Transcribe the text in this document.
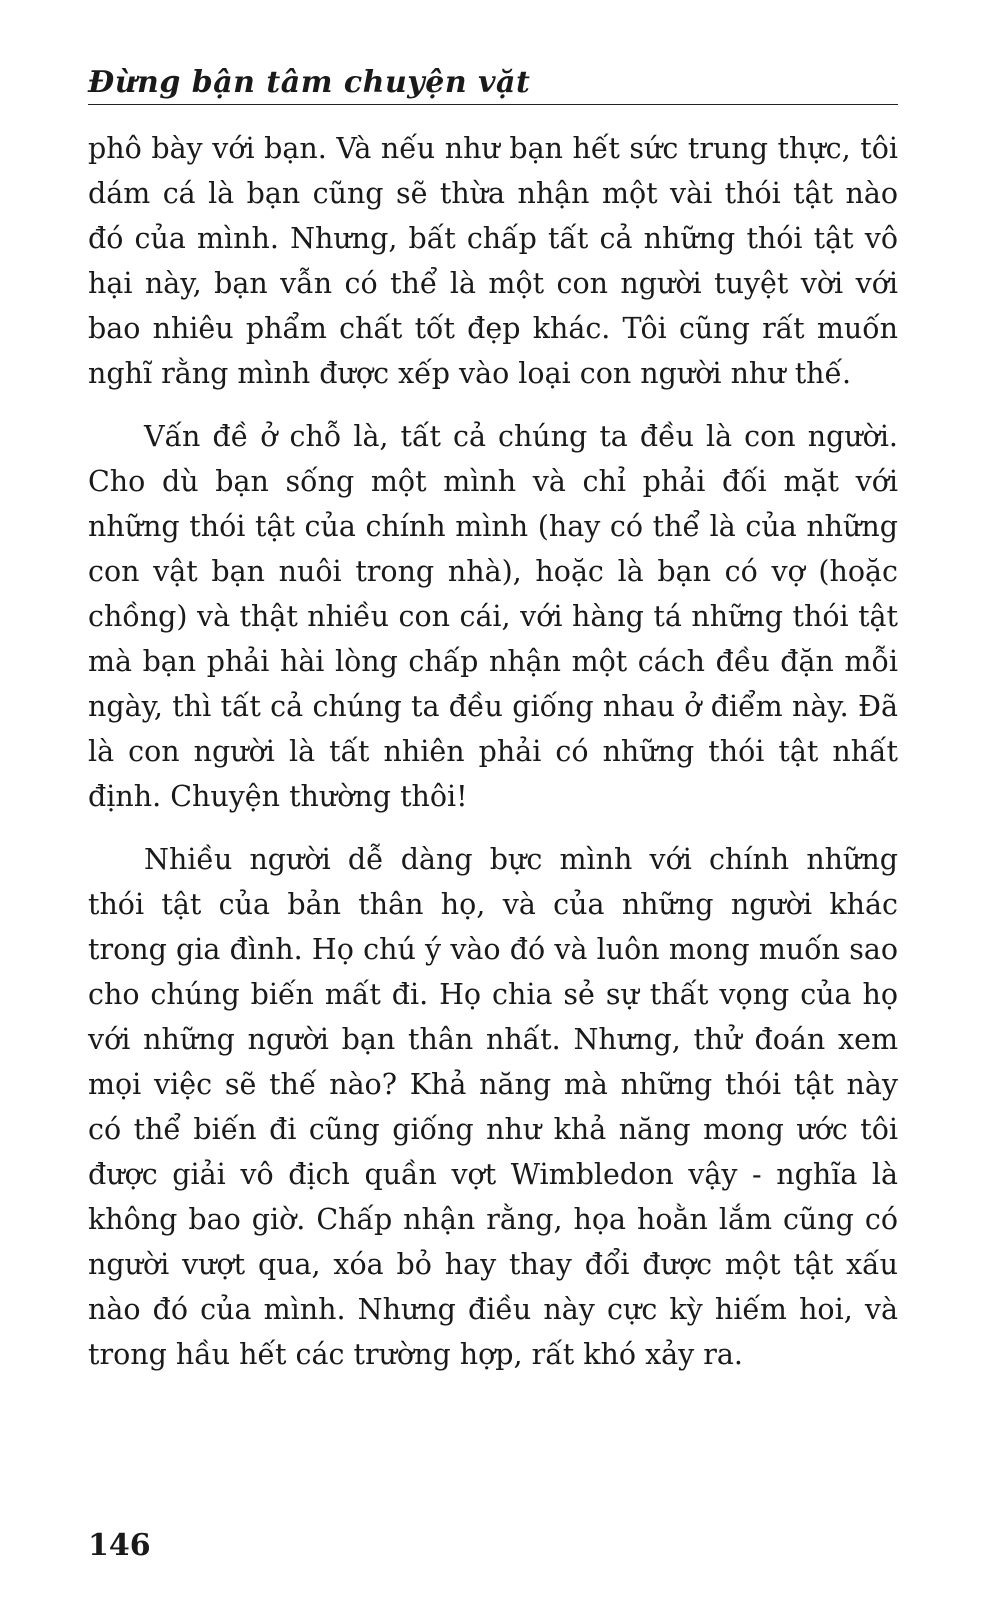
Đừng bận tâm chuyện vặt

phô bày với bạn. Và nếu như bạn hết sức trung thực, tôi dám cá là bạn cũng sẽ thừa nhận một vài thói tật nào đó của mình. Nhưng, bất chấp tất cả những thói tật vô hại này, bạn vẫn có thể là một con người tuyệt vời với bao nhiêu phẩm chất tốt đẹp khác. Tôi cũng rất muốn nghĩ rằng mình được xếp vào loại con người như thế.

Vấn đề ở chỗ là, tất cả chúng ta đều là con người. Cho dù bạn sống một mình và chỉ phải đối mặt với những thói tật của chính mình (hay có thể là của những con vật bạn nuôi trong nhà), hoặc là bạn có vợ (hoặc chồng) và thật nhiều con cái, với hàng tá những thói tật mà bạn phải hài lòng chấp nhận một cách đều đặn mỗi ngày, thì tất cả chúng ta đều giống nhau ở điểm này. Đã là con người là tất nhiên phải có những thói tật nhất định. Chuyện thường thôi!

Nhiều người dễ dàng bực mình với chính những thói tật của bản thân họ, và của những người khác trong gia đình. Họ chú ý vào đó và luôn mong muốn sao cho chúng biến mất đi. Họ chia sẻ sự thất vọng của họ với những người bạn thân nhất. Nhưng, thử đoán xem mọi việc sẽ thế nào? Khả năng mà những thói tật này có thể biến đi cũng giống như khả năng mong ước tôi được giải vô địch quần vợt Wimbledon vậy - nghĩa là không bao giờ. Chấp nhận rằng, họa hoằn lắm cũng có người vượt qua, xóa bỏ hay thay đổi được một tật xấu nào đó của mình. Nhưng điều này cực kỳ hiếm hoi, và trong hầu hết các trường hợp, rất khó xảy ra.

146
